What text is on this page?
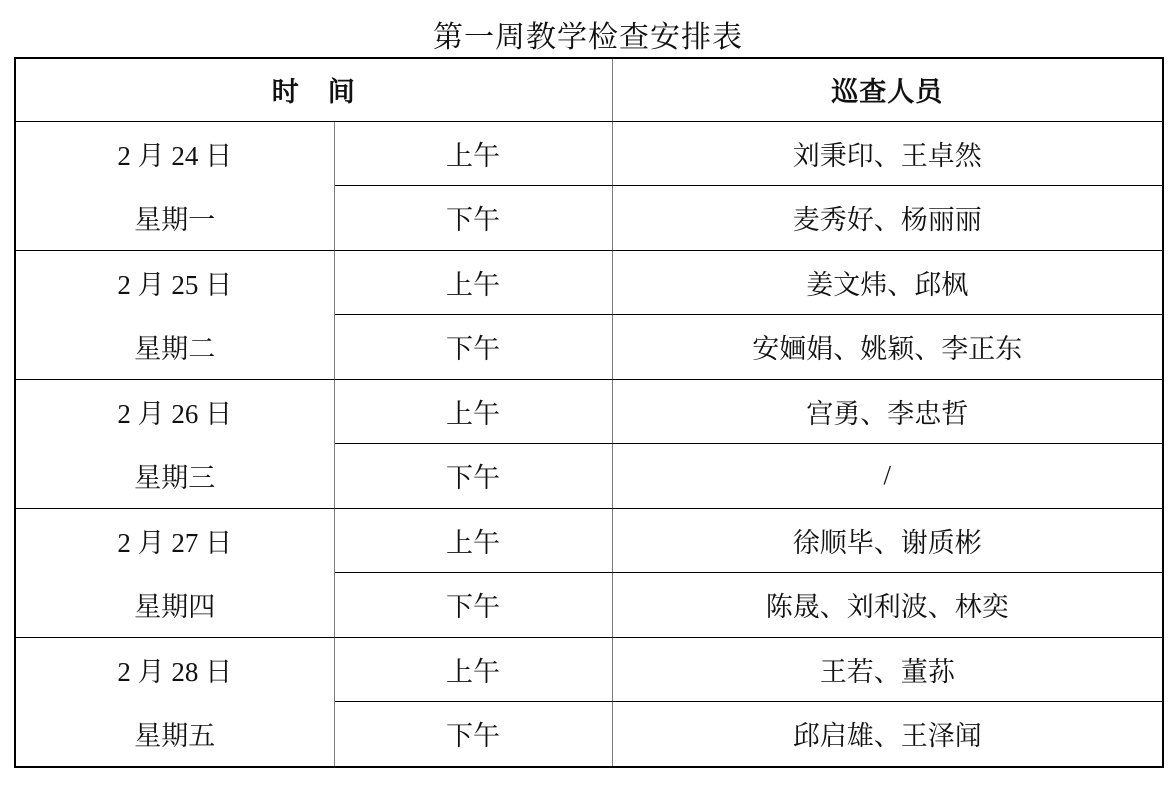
第一周教学检查安排表
时　间		巡查人员

2 月 24 日
星期一	上午	刘秉印、王卓然
	下午	麦秀好、杨丽丽

2 月 25 日
星期二	上午	姜文炜、邱枫
	下午	安婳娟、姚颖、李正东

2 月 26 日
星期三	上午	宫勇、李忠哲
	下午	/

2 月 27 日
星期四	上午	徐顺毕、谢质彬
	下午	陈晟、刘利波、林奕

2 月 28 日
星期五	上午	王若、董荪
	下午	邱启雄、王泽闻
